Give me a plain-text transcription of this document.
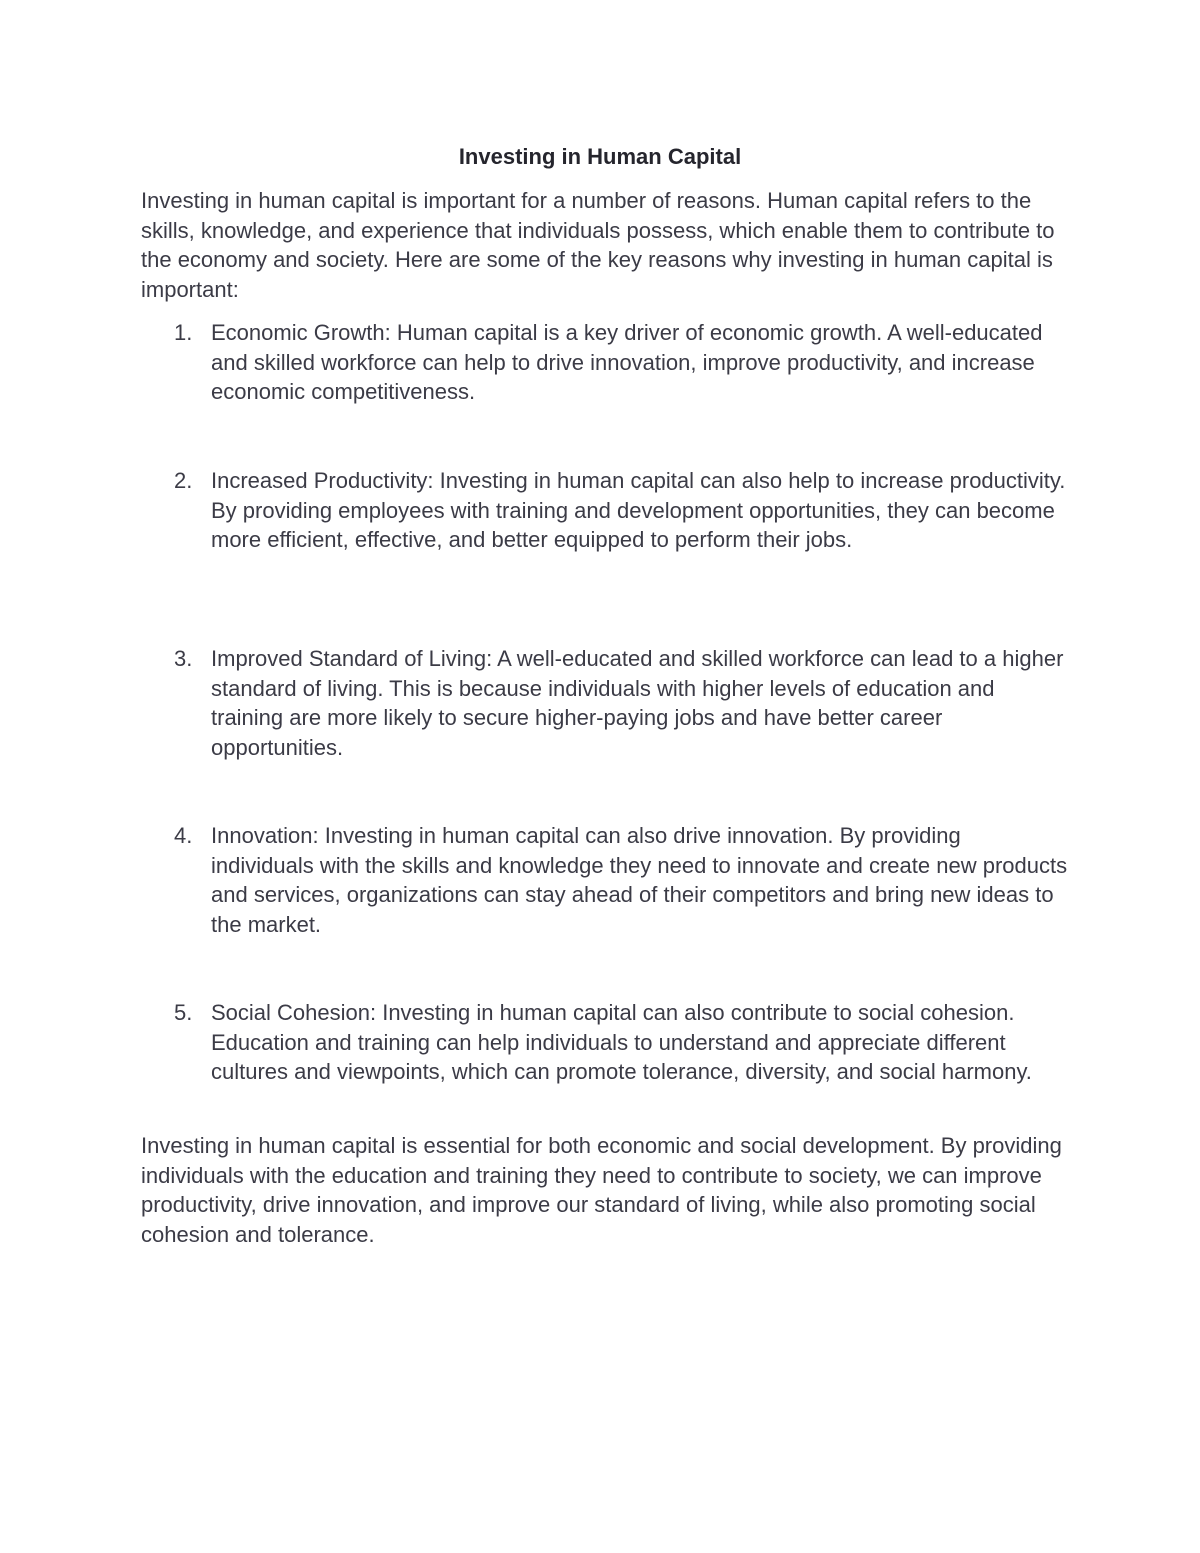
Investing in Human Capital

Investing in human capital is important for a number of reasons. Human capital refers to the skills, knowledge, and experience that individuals possess, which enable them to contribute to the economy and society. Here are some of the key reasons why investing in human capital is important:

1. Economic Growth: Human capital is a key driver of economic growth. A well-educated and skilled workforce can help to drive innovation, improve productivity, and increase economic competitiveness.
2. Increased Productivity: Investing in human capital can also help to increase productivity. By providing employees with training and development opportunities, they can become more efficient, effective, and better equipped to perform their jobs.
3. Improved Standard of Living: A well-educated and skilled workforce can lead to a higher standard of living. This is because individuals with higher levels of education and training are more likely to secure higher-paying jobs and have better career opportunities.
4. Innovation: Investing in human capital can also drive innovation. By providing individuals with the skills and knowledge they need to innovate and create new products and services, organizations can stay ahead of their competitors and bring new ideas to the market.
5. Social Cohesion: Investing in human capital can also contribute to social cohesion. Education and training can help individuals to understand and appreciate different cultures and viewpoints, which can promote tolerance, diversity, and social harmony.

Investing in human capital is essential for both economic and social development. By providing individuals with the education and training they need to contribute to society, we can improve productivity, drive innovation, and improve our standard of living, while also promoting social cohesion and tolerance.
